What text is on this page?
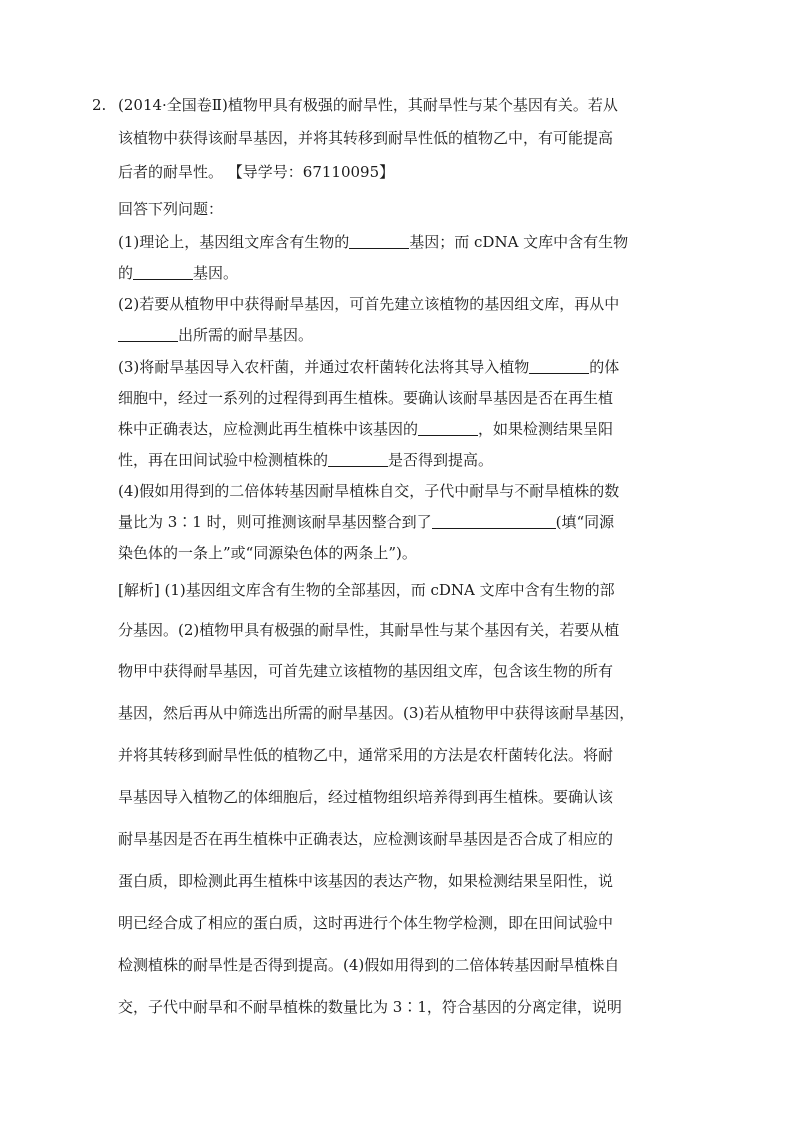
2. (2014·全国卷Ⅱ)植物甲具有极强的耐旱性，其耐旱性与某个基因有关。若从
该植物中获得该耐旱基因，并将其转移到耐旱性低的植物乙中，有可能提高
后者的耐旱性。 【导学号：67110095】
回答下列问题：
(1)理论上，基因组文库含有生物的	基因；而 cDNA 文库中含有生物
的	基因。
(2)若要从植物甲中获得耐旱基因，可首先建立该植物的基因组文库，再从中
出所需的耐旱基因。
(3)将耐旱基因导入农杆菌，并通过农杆菌转化法将其导入植物	的体
细胞中，经过一系列的过程得到再生植株。要确认该耐旱基因是否在再生植
株中正确表达，应检测此再生植株中该基因的	，如果检测结果呈阳
性，再在田间试验中检测植株的	是否得到提高。
(4)假如用得到的二倍体转基因耐旱植株自交，子代中耐旱与不耐旱植株的数
量比为 3∶1 时，则可推测该耐旱基因整合到了	(填“同源
染色体的一条上”或“同源染色体的两条上”)。
[解析] (1)基因组文库含有生物的全部基因，而 cDNA 文库中含有生物的部
分基因。(2)植物甲具有极强的耐旱性，其耐旱性与某个基因有关，若要从植
物甲中获得耐旱基因，可首先建立该植物的基因组文库，包含该生物的所有
基因，然后再从中筛选出所需的耐旱基因。(3)若从植物甲中获得该耐旱基因，
并将其转移到耐旱性低的植物乙中，通常采用的方法是农杆菌转化法。将耐
旱基因导入植物乙的体细胞后，经过植物组织培养得到再生植株。要确认该
耐旱基因是否在再生植株中正确表达，应检测该耐旱基因是否合成了相应的
蛋白质，即检测此再生植株中该基因的表达产物，如果检测结果呈阳性，说
明已经合成了相应的蛋白质，这时再进行个体生物学检测，即在田间试验中
检测植株的耐旱性是否得到提高。(4)假如用得到的二倍体转基因耐旱植株自
交，子代中耐旱和不耐旱植株的数量比为 3∶1，符合基因的分离定律，说明
